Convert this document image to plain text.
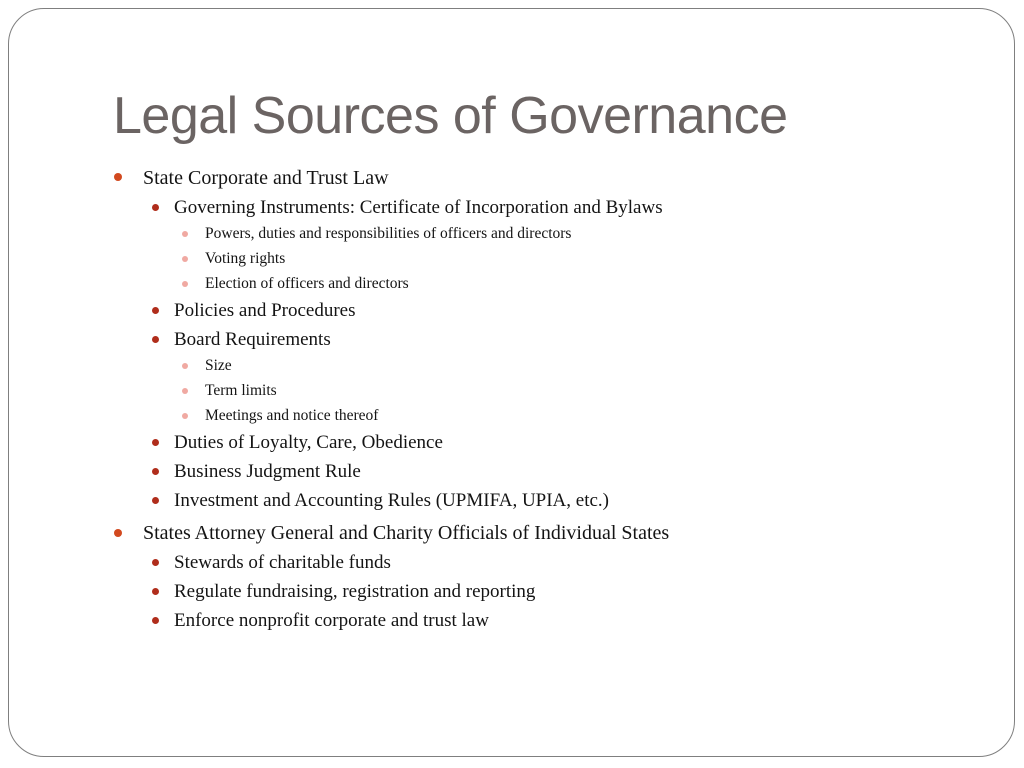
Legal Sources of Governance

State Corporate and Trust Law

Governing Instruments: Certificate of Incorporation and Bylaws

Powers, duties and responsibilities of officers and directors

Voting rights

Election of officers and directors

Policies and Procedures

Board Requirements

Size

Term limits

Meetings and notice thereof

Duties of Loyalty, Care, Obedience

Business Judgment Rule

Investment and Accounting Rules (UPMIFA, UPIA, etc.)

States Attorney General and Charity Officials of Individual States

Stewards of charitable funds

Regulate fundraising, registration and reporting

Enforce nonprofit corporate and trust law
